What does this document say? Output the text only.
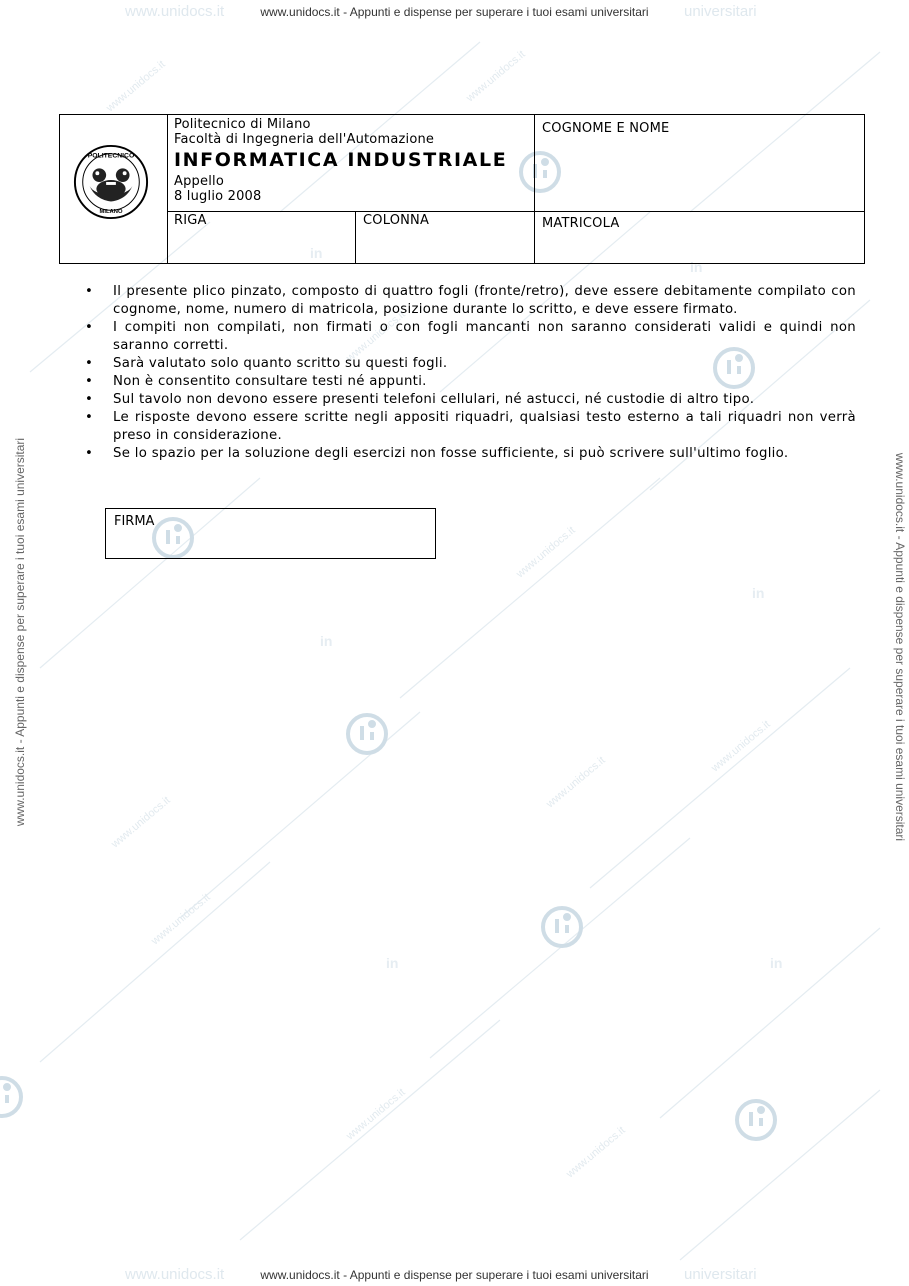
www.unidocs.it	www.unidocs.it
www.unidocs.it
www.unidocs.it
www.unidocs.it
www.unidocs.it
www.unidocs.it
www.unidocs.it
www.unidocs.it
www.unidocs.it
in
in
in
in
in	in
www.unidocs.it - Appunti e dispense per superare i tuoi esami universitari
www.unidocs.it - Appunti e dispense per superare i tuoi esami universitari
www.unidocs.it - Appunti e dispense per superare i tuoi esami universitari	www.unidocs.it - Appunti e dispense per superare i tuoi esami universitari
www.unidocs.it	universitari
www.unidocs.it	universitari
POLITECNICO
MILANO
Politecnico di Milano
Facoltà di Ingegneria dell'Automazione
INFORMATICA INDUSTRIALE
Appello
8 luglio 2008
COGNOME E NOME
RIGA	COLONNA	MATRICOLA
• Il presente plico pinzato, composto di quattro fogli (fronte/retro), deve essere debitamente compilato con cognome, nome, numero di matricola, posizione durante lo scritto, e deve essere firmato.
• I compiti non compilati, non firmati o con fogli mancanti non saranno considerati validi e quindi non saranno corretti.
• Sarà valutato solo quanto scritto su questi fogli.
• Non è consentito consultare testi né appunti.
• Sul tavolo non devono essere presenti telefoni cellulari, né astucci, né custodie di altro tipo.
• Le risposte devono essere scritte negli appositi riquadri, qualsiasi testo esterno a tali riquadri non verrà preso in considerazione.
• Se lo spazio per la soluzione degli esercizi non fosse sufficiente, si può scrivere sull'ultimo foglio.
FIRMA
